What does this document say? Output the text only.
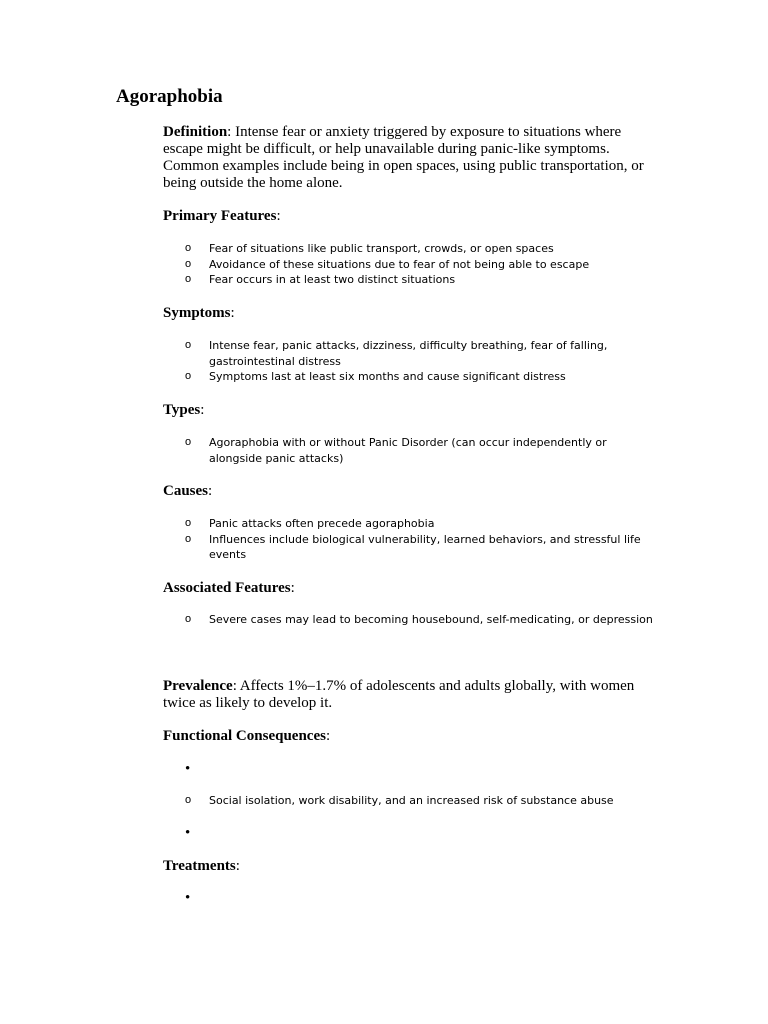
Agoraphobia

Definition: Intense fear or anxiety triggered by exposure to situations where escape might be difficult, or help unavailable during panic-like symptoms. Common examples include being in open spaces, using public transportation, or being outside the home alone.

Primary Features:

o Fear of situations like public transport, crowds, or open spaces
o Avoidance of these situations due to fear of not being able to escape
o Fear occurs in at least two distinct situations

Symptoms:

o Intense fear, panic attacks, dizziness, difficulty breathing, fear of falling, gastrointestinal distress
o Symptoms last at least six months and cause significant distress

Types:

o Agoraphobia with or without Panic Disorder (can occur independently or alongside panic attacks)

Causes:

o Panic attacks often precede agoraphobia
o Influences include biological vulnerability, learned behaviors, and stressful life events

Associated Features:

o Severe cases may lead to becoming housebound, self-medicating, or depression

Prevalence: Affects 1%–1.7% of adolescents and adults globally, with women twice as likely to develop it.

Functional Consequences:

•
o Social isolation, work disability, and an increased risk of substance abuse
•

Treatments:

•
